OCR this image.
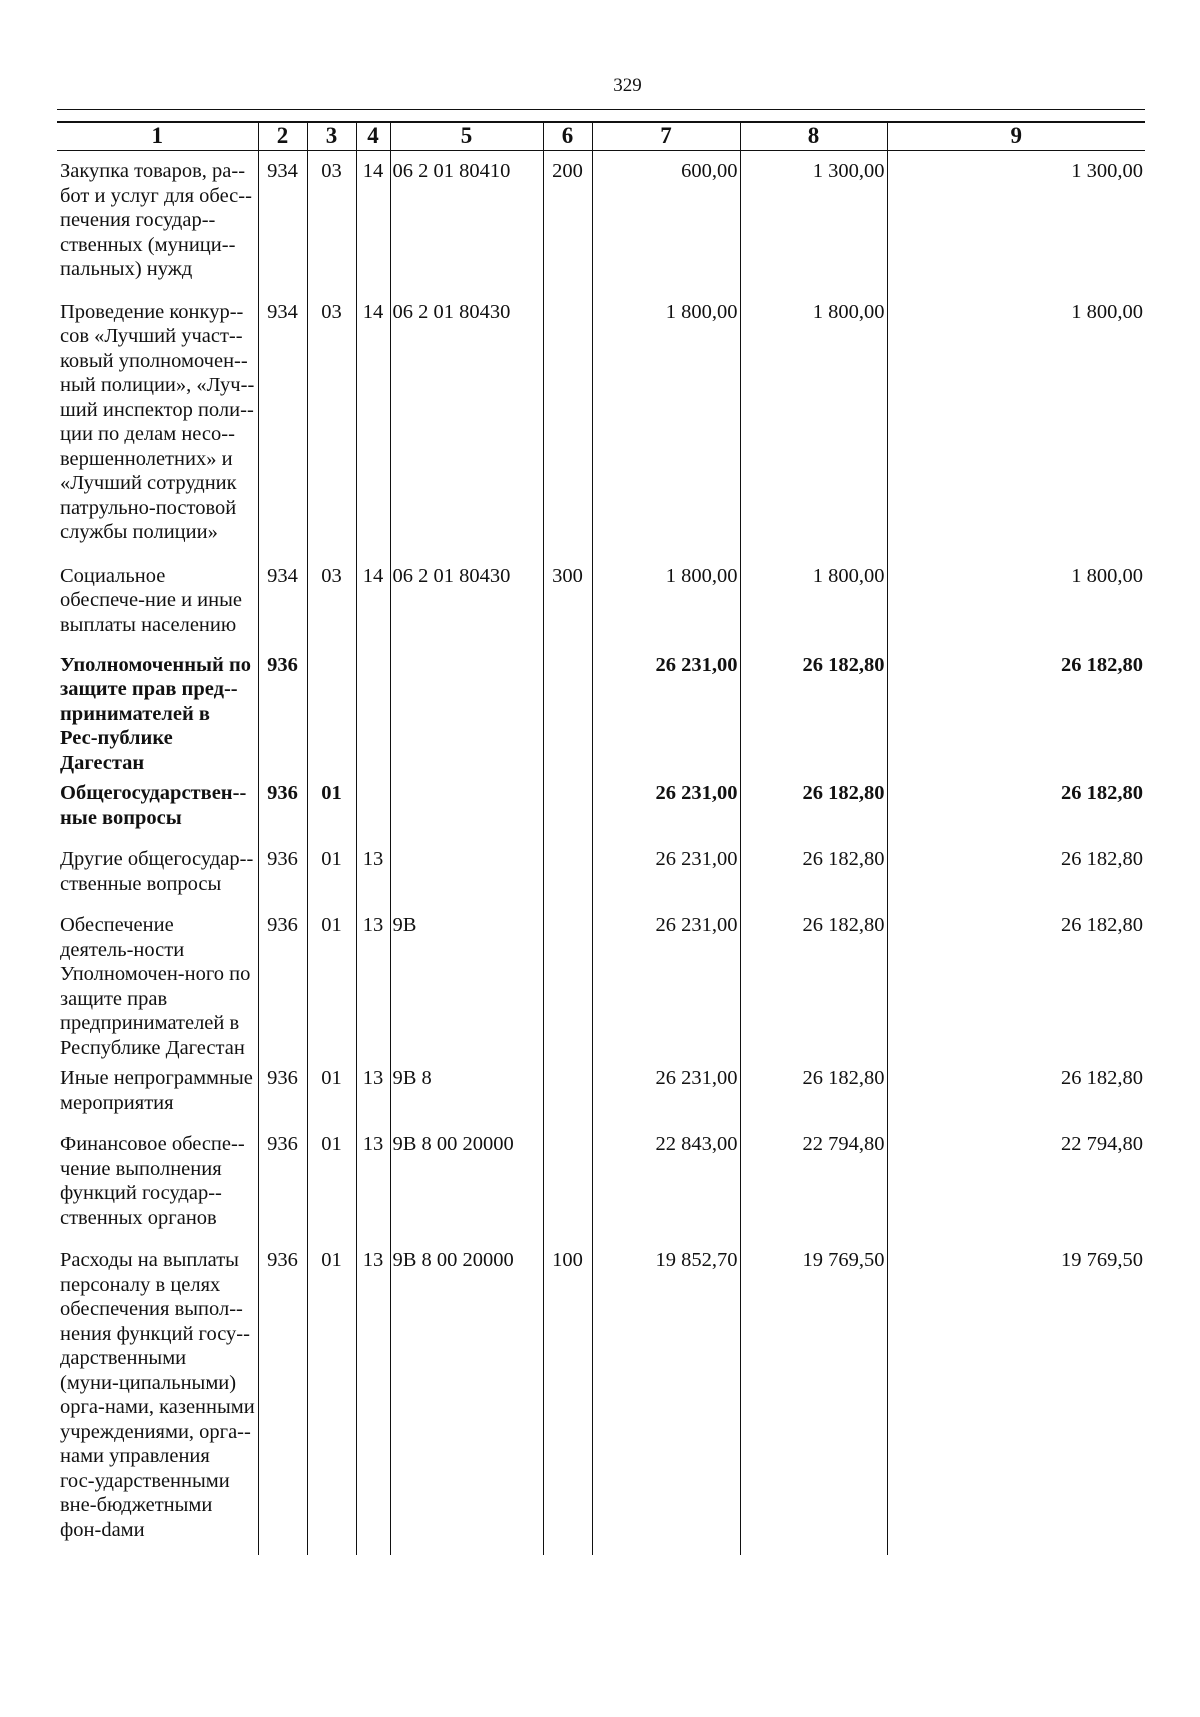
329
1	2	3	4	5	6	7	8	9
Закупка товаров, ра-бот и услуг для обес-печения государ-ственных (муници-пальных) нужд	934	03	14	06 2 01 80410	200	600,00	1 300,00	1 300,00
Проведение конкур-сов «Лучший участ-ковый уполномочен-ный полиции», «Луч-ший инспектор поли-ции по делам несо-вершеннолетних» и «Лучший сотрудник патрульно-постовой службы полиции»	934	03	14	06 2 01 80430		1 800,00	1 800,00	1 800,00
Социальное обеспече-ние и иные выплаты населению	934	03	14	06 2 01 80430	300	1 800,00	1 800,00	1 800,00
Уполномоченный по защите прав пред-принимателей в Рес-публике Дагестан	936					26 231,00	26 182,80	26 182,80
Общегосударствен-ные вопросы	936	01				26 231,00	26 182,80	26 182,80
Другие общегосудар-ственные вопросы	936	01	13			26 231,00	26 182,80	26 182,80
Обеспечение деятель-ности Уполномочен-ного по защите прав предпринимателей в Республике Дагестан	936	01	13	9В		26 231,00	26 182,80	26 182,80
Иные непрограммные мероприятия	936	01	13	9В 8		26 231,00	26 182,80	26 182,80
Финансовое обеспе-чение выполнения функций государ-ственных органов	936	01	13	9В 8 00 20000		22 843,00	22 794,80	22 794,80
Расходы на выплаты персоналу в целях обеспечения выпол-нения функций госу-дарственными (муни-ципальными) орга-нами, казенными учреждениями, орга-нами управления гос-ударственными вне-бюджетными фон-dами	936	01	13	9В 8 00 20000	100	19 852,70	19 769,50	19 769,50
